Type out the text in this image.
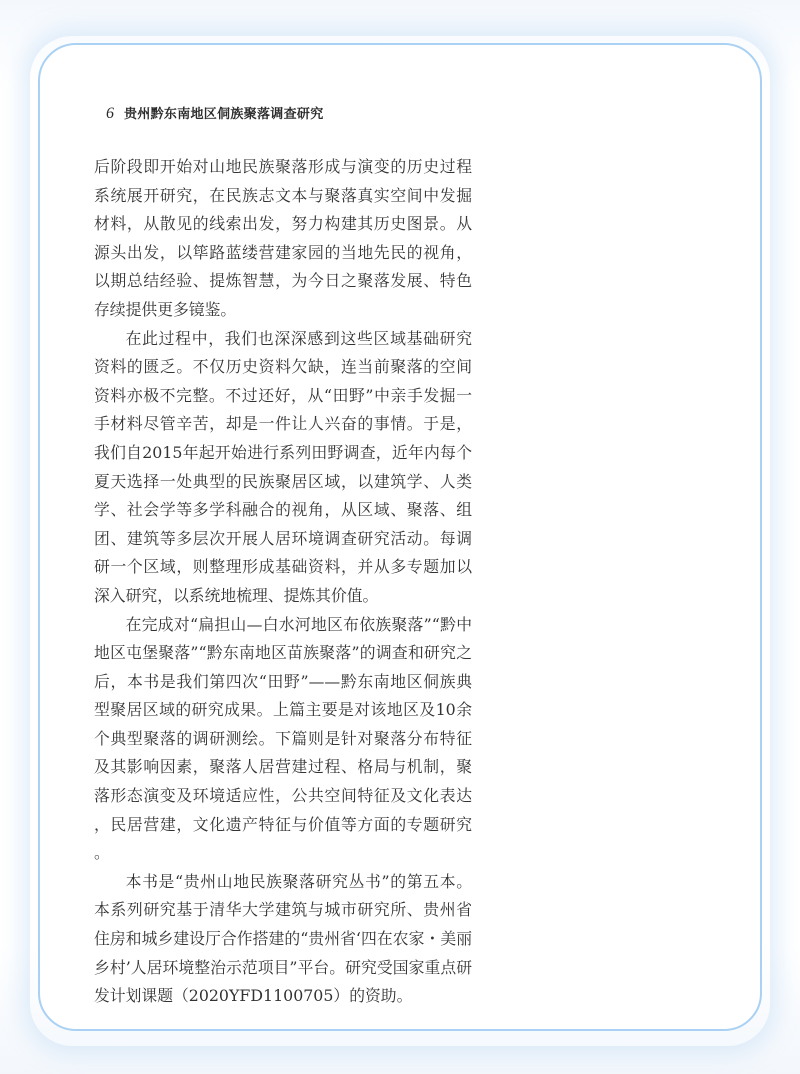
6 贵州黔东南地区侗族聚落调查研究

后阶段即开始对山地民族聚落形成与演变的历史过程系统展开研究，在民族志文本与聚落真实空间中发掘材料，从散见的线索出发，努力构建其历史图景。从源头出发，以筚路蓝缕营建家园的当地先民的视角，以期总结经验、提炼智慧，为今日之聚落发展、特色存续提供更多镜鉴。

在此过程中，我们也深深感到这些区域基础研究资料的匮乏。不仅历史资料欠缺，连当前聚落的空间资料亦极不完整。不过还好，从“田野”中亲手发掘一手材料尽管辛苦，却是一件让人兴奋的事情。于是，我们自2015年起开始进行系列田野调查，近年内每个夏天选择一处典型的民族聚居区域，以建筑学、人类学、社会学等多学科融合的视角，从区域、聚落、组团、建筑等多层次开展人居环境调查研究活动。每调研一个区域，则整理形成基础资料，并从多专题加以深入研究，以系统地梳理、提炼其价值。

在完成对“扁担山—白水河地区布依族聚落”“黔中地区屯堡聚落”“黔东南地区苗族聚落”的调查和研究之后，本书是我们第四次“田野”——黔东南地区侗族典型聚居区域的研究成果。上篇主要是对该地区及10余个典型聚落的调研测绘。下篇则是针对聚落分布特征及其影响因素，聚落人居营建过程、格局与机制，聚落形态演变及环境适应性，公共空间特征及文化表达，民居营建，文化遗产特征与价值等方面的专题研究。

本书是“贵州山地民族聚落研究丛书”的第五本。本系列研究基于清华大学建筑与城市研究所、贵州省住房和城乡建设厅合作搭建的“贵州省‘四在农家・美丽乡村’人居环境整治示范项目”平台。研究受国家重点研发计划课题（2020YFD1100705）的资助。
